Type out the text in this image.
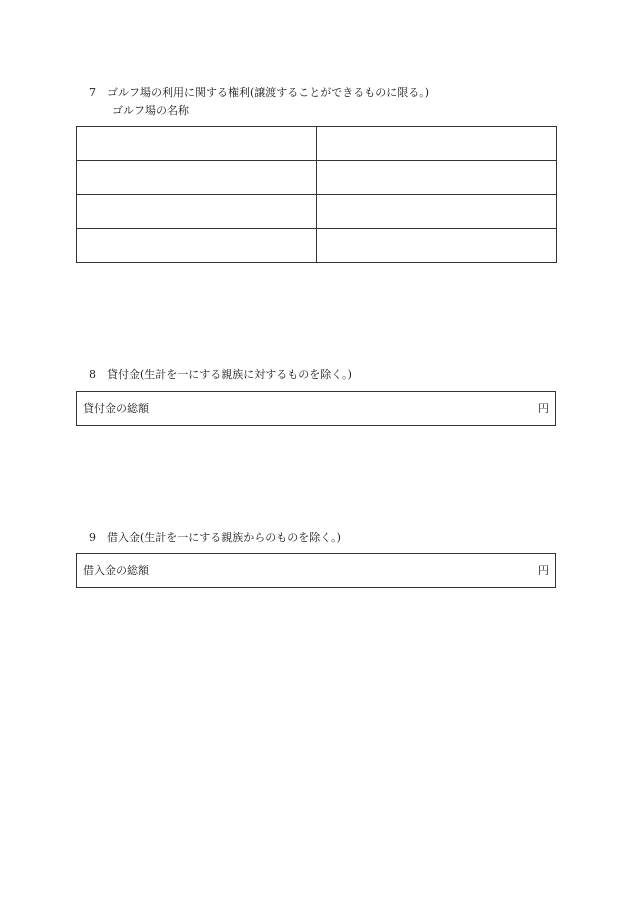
7　ゴルフ場の利用に関する権利(譲渡することができるものに限る。)
ゴルフ場の名称

8　貸付金(生計を一にする親族に対するものを除く。)
貸付金の総額	円
9　借入金(生計を一にする親族からのものを除く。)
借入金の総額	円
